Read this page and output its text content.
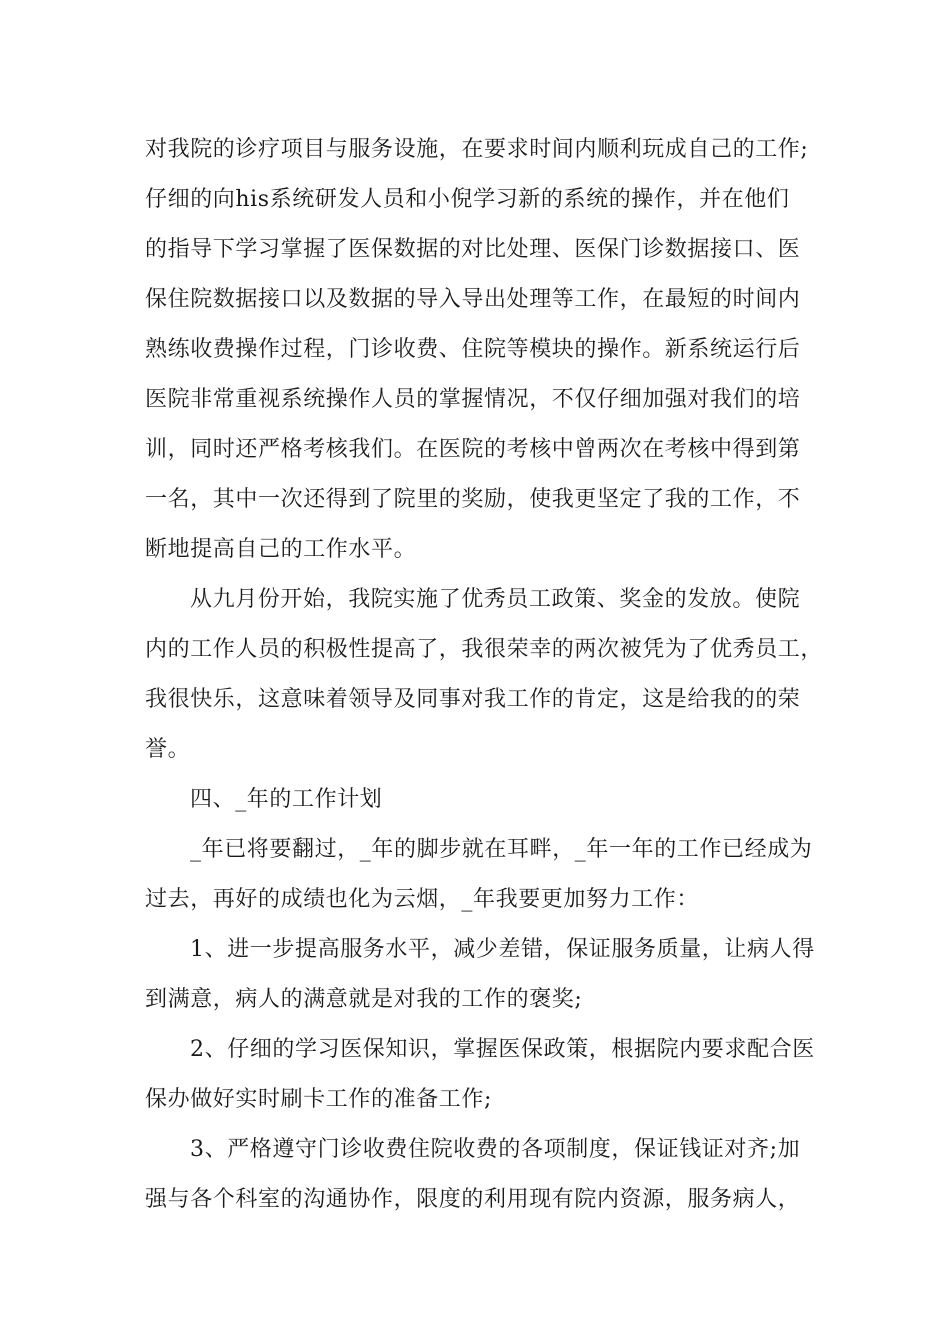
对我院的诊疗项目与服务设施，在要求时间内顺利玩成自己的工作;
仔细的向his系统研发人员和小倪学习新的系统的操作，并在他们
的指导下学习掌握了医保数据的对比处理、医保门诊数据接口、医
保住院数据接口以及数据的导入导出处理等工作，在最短的时间内
熟练收费操作过程，门诊收费、住院等模块的操作。新系统运行后
医院非常重视系统操作人员的掌握情况，不仅仔细加强对我们的培
训，同时还严格考核我们。在医院的考核中曾两次在考核中得到第
一名，其中一次还得到了院里的奖励，使我更坚定了我的工作，不
断地提高自己的工作水平。
从九月份开始，我院实施了优秀员工政策、奖金的发放。使院
内的工作人员的积极性提高了，我很荣幸的两次被凭为了优秀员工，
我很快乐，这意味着领导及同事对我工作的肯定，这是给我的的荣
誉。
四、_年的工作计划
_年已将要翻过，_年的脚步就在耳畔，_年一年的工作已经成为
过去，再好的成绩也化为云烟，_年我要更加努力工作：
1、进一步提高服务水平，减少差错，保证服务质量，让病人得
到满意，病人的满意就是对我的工作的褒奖;
2、仔细的学习医保知识，掌握医保政策，根据院内要求配合医
保办做好实时刷卡工作的准备工作;
3、严格遵守门诊收费住院收费的各项制度，保证钱证对齐;加
强与各个科室的沟通协作，限度的利用现有院内资源，服务病人，
